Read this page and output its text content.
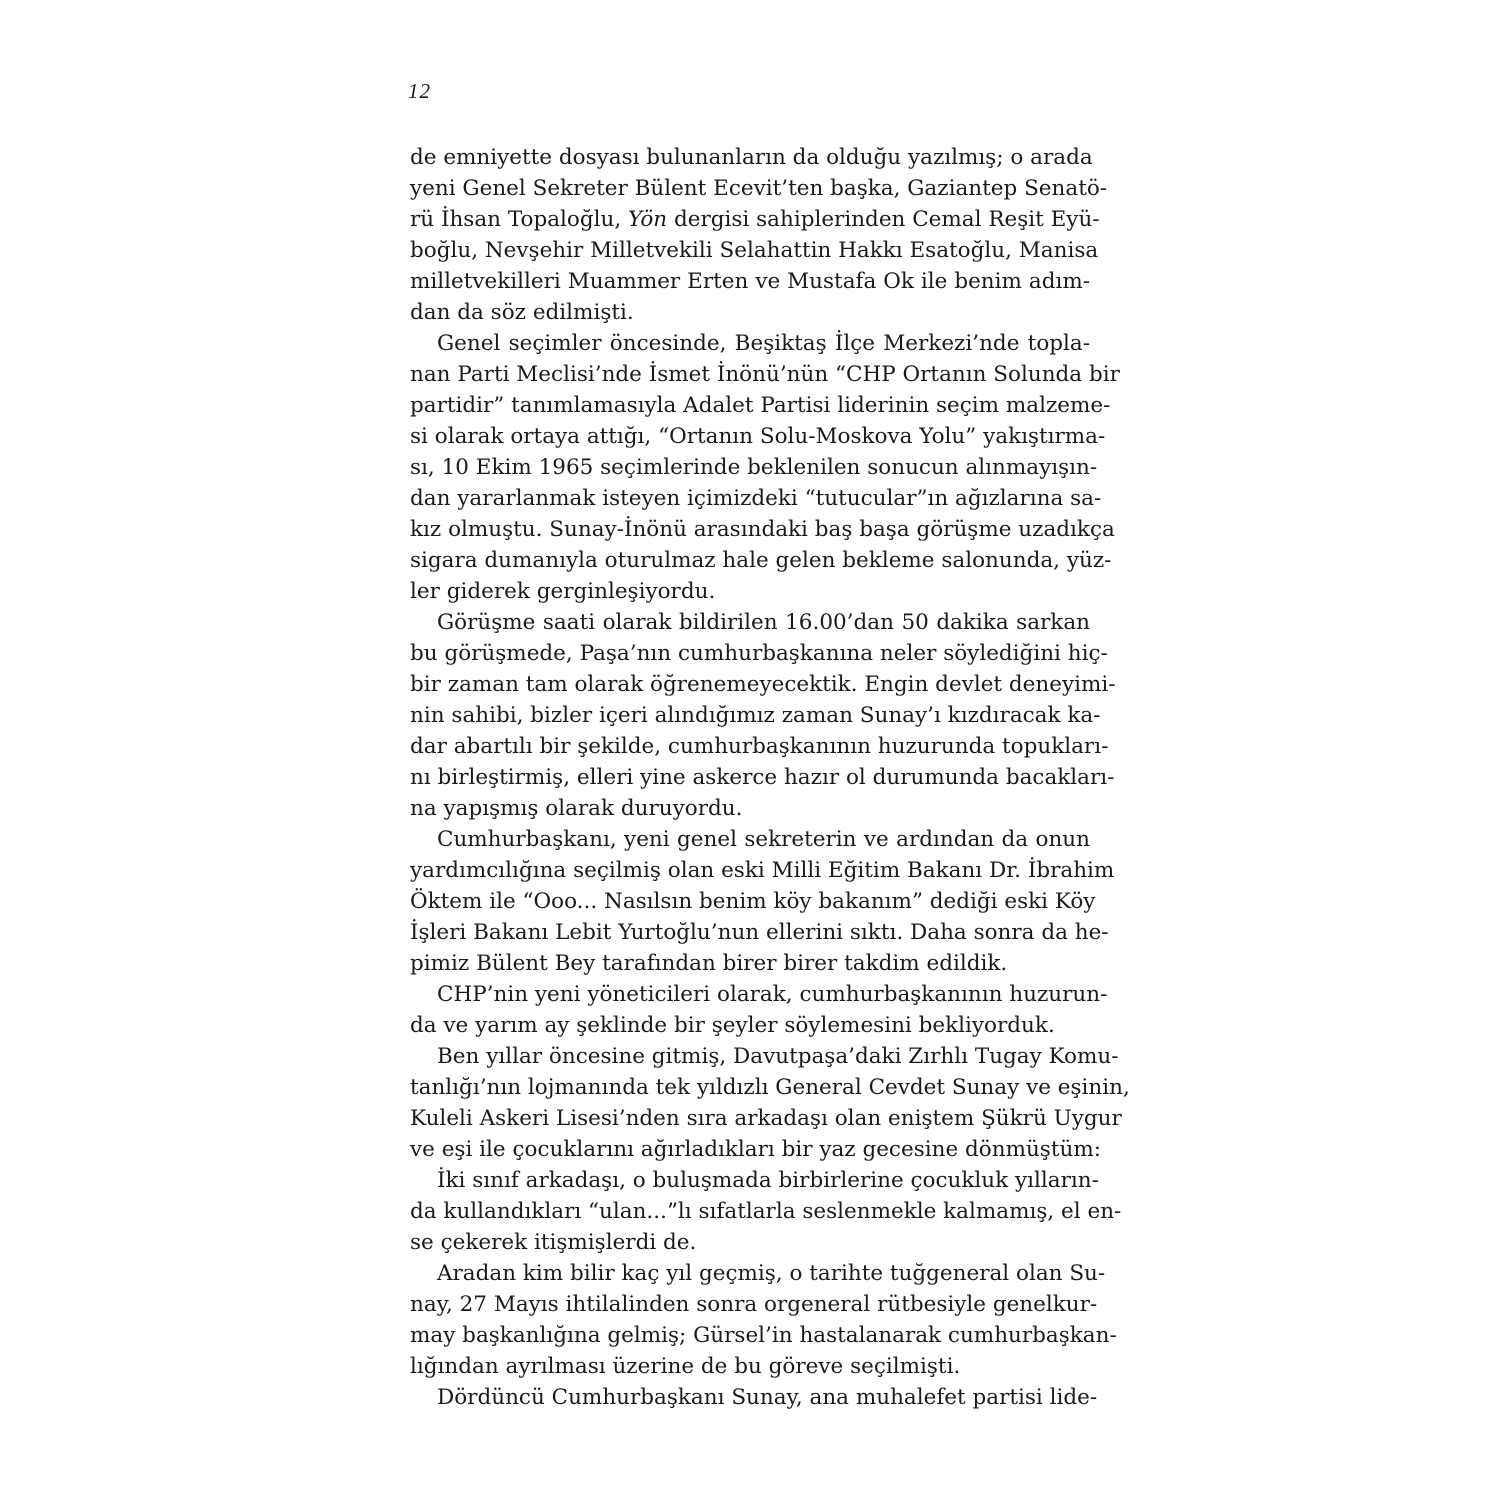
12
de emniyette dosyası bulunanların da olduğu yazılmış; o arada
yeni Genel Sekreter Bülent Ecevit’ten başka, Gaziantep Senatö-
rü İhsan Topaloğlu, Yön dergisi sahiplerinden Cemal Reşit Eyü-
boğlu, Nevşehir Milletvekili Selahattin Hakkı Esatoğlu, Manisa
milletvekilleri Muammer Erten ve Mustafa Ok ile benim adım-
dan da söz edilmişti.
Genel seçimler öncesinde, Beşiktaş İlçe Merkezi’nde topla-
nan Parti Meclisi’nde İsmet İnönü’nün “CHP Ortanın Solunda bir
partidir” tanımlamasıyla Adalet Partisi liderinin seçim malzeme-
si olarak ortaya attığı, “Ortanın Solu-Moskova Yolu” yakıştırma-
sı, 10 Ekim 1965 seçimlerinde beklenilen sonucun alınmayışın-
dan yararlanmak isteyen içimizdeki “tutucular”ın ağızlarına sa-
kız olmuştu. Sunay-İnönü arasındaki baş başa görüşme uzadıkça
sigara dumanıyla oturulmaz hale gelen bekleme salonunda, yüz-
ler giderek gerginleşiyordu.
Görüşme saati olarak bildirilen 16.00’dan 50 dakika sarkan
bu görüşmede, Paşa’nın cumhurbaşkanına neler söylediğini hiç-
bir zaman tam olarak öğrenemeyecektik. Engin devlet deneyimi-
nin sahibi, bizler içeri alındığımız zaman Sunay’ı kızdıracak ka-
dar abartılı bir şekilde, cumhurbaşkanının huzurunda topukları-
nı birleştirmiş, elleri yine askerce hazır ol durumunda bacakları-
na yapışmış olarak duruyordu.
Cumhurbaşkanı, yeni genel sekreterin ve ardından da onun
yardımcılığına seçilmiş olan eski Milli Eğitim Bakanı Dr. İbrahim
Öktem ile “Ooo... Nasılsın benim köy bakanım” dediği eski Köy
İşleri Bakanı Lebit Yurtoğlu’nun ellerini sıktı. Daha sonra da he-
pimiz Bülent Bey tarafından birer birer takdim edildik.
CHP’nin yeni yöneticileri olarak, cumhurbaşkanının huzurun-
da ve yarım ay şeklinde bir şeyler söylemesini bekliyorduk.
Ben yıllar öncesine gitmiş, Davutpaşa’daki Zırhlı Tugay Komu-
tanlığı’nın lojmanında tek yıldızlı General Cevdet Sunay ve eşinin,
Kuleli Askeri Lisesi’nden sıra arkadaşı olan eniştem Şükrü Uygur
ve eşi ile çocuklarını ağırladıkları bir yaz gecesine dönmüştüm:
İki sınıf arkadaşı, o buluşmada birbirlerine çocukluk yılların-
da kullandıkları “ulan...”lı sıfatlarla seslenmekle kalmamış, el en-
se çekerek itişmişlerdi de.
Aradan kim bilir kaç yıl geçmiş, o tarihte tuğgeneral olan Su-
nay, 27 Mayıs ihtilalinden sonra orgeneral rütbesiyle genelkur-
may başkanlığına gelmiş; Gürsel’in hastalanarak cumhurbaşkan-
lığından ayrılması üzerine de bu göreve seçilmişti.
Dördüncü Cumhurbaşkanı Sunay, ana muhalefet partisi lide-
